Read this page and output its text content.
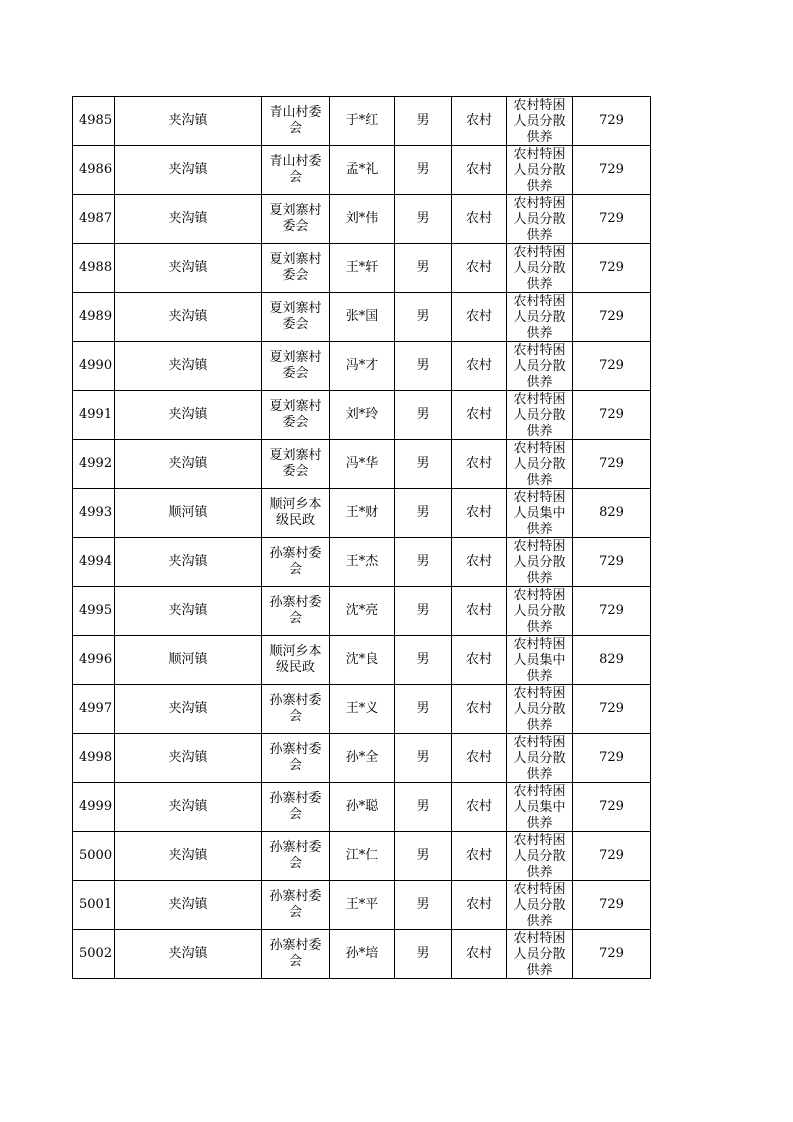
4985	夹沟镇	青山村委会	于*红	男	农村	农村特困人员分散供养	729
4986	夹沟镇	青山村委会	孟*礼	男	农村	农村特困人员分散供养	729
4987	夹沟镇	夏刘寨村委会	刘*伟	男	农村	农村特困人员分散供养	729
4988	夹沟镇	夏刘寨村委会	王*轩	男	农村	农村特困人员分散供养	729
4989	夹沟镇	夏刘寨村委会	张*国	男	农村	农村特困人员分散供养	729
4990	夹沟镇	夏刘寨村委会	冯*才	男	农村	农村特困人员分散供养	729
4991	夹沟镇	夏刘寨村委会	刘*玲	男	农村	农村特困人员分散供养	729
4992	夹沟镇	夏刘寨村委会	冯*华	男	农村	农村特困人员分散供养	729
4993	顺河镇	顺河乡本级民政	王*财	男	农村	农村特困人员集中供养	829
4994	夹沟镇	孙寨村委会	王*杰	男	农村	农村特困人员分散供养	729
4995	夹沟镇	孙寨村委会	沈*亮	男	农村	农村特困人员分散供养	729
4996	顺河镇	顺河乡本级民政	沈*良	男	农村	农村特困人员集中供养	829
4997	夹沟镇	孙寨村委会	王*义	男	农村	农村特困人员分散供养	729
4998	夹沟镇	孙寨村委会	孙*全	男	农村	农村特困人员分散供养	729
4999	夹沟镇	孙寨村委会	孙*聪	男	农村	农村特困人员集中供养	729
5000	夹沟镇	孙寨村委会	江*仁	男	农村	农村特困人员分散供养	729
5001	夹沟镇	孙寨村委会	王*平	男	农村	农村特困人员分散供养	729
5002	夹沟镇	孙寨村委会	孙*培	男	农村	农村特困人员分散供养	729
